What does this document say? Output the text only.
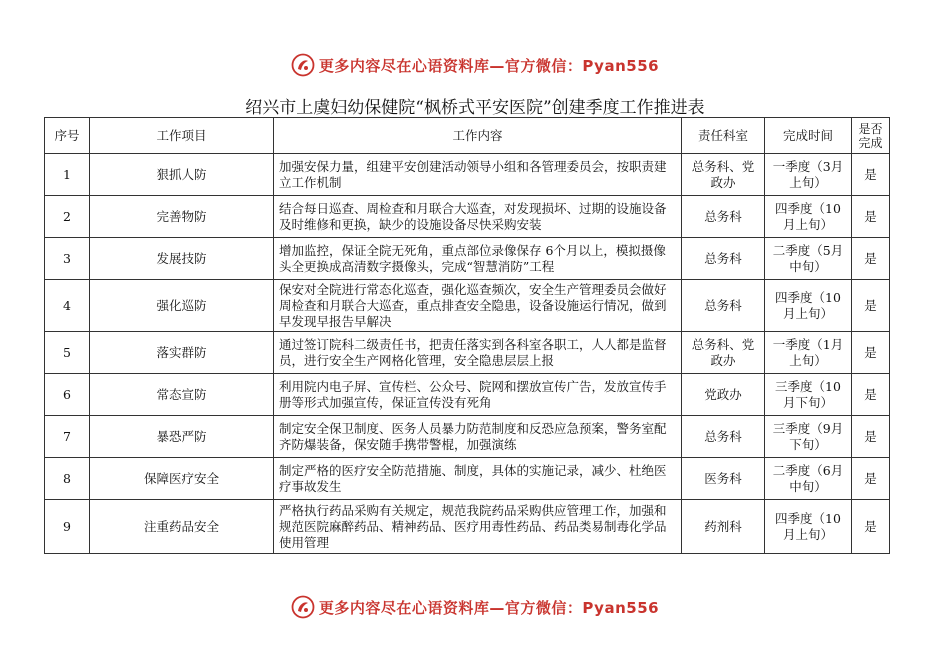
更多内容尽在心语资料库—官方微信：Pyan556
绍兴市上虞妇幼保健院“枫桥式平安医院”创建季度工作推进表
序号	工作项目	工作内容	责任科室	完成时间	是否完成
1	狠抓人防	加强安保力量，组建平安创建活动领导小组和各管理委员会，按职责建立工作机制	总务科、党政办	一季度（3月上旬）	是
2	完善物防	结合每日巡查、周检查和月联合大巡查，对发现损坏、过期的设施设备及时维修和更换，缺少的设施设备尽快采购安装	总务科	四季度（10月上旬）	是
3	发展技防	增加监控，保证全院无死角，重点部位录像保存 6个月以上，模拟摄像头全更换成高清数字摄像头，完成“智慧消防”工程	总务科	二季度（5月中旬）	是
4	强化巡防	保安对全院进行常态化巡查，强化巡查频次，安全生产管理委员会做好周检查和月联合大巡查，重点排查安全隐患，设备设施运行情况，做到早发现早报告早解决	总务科	四季度（10月上旬）	是
5	落实群防	通过签订院科二级责任书，把责任落实到各科室各职工，人人都是监督员，进行安全生产网格化管理，安全隐患层层上报	总务科、党政办	一季度（1月上旬）	是
6	常态宣防	利用院内电子屏、宣传栏、公众号、院网和摆放宣传广告，发放宣传手册等形式加强宣传，保证宣传没有死角	党政办	三季度（10月下旬）	是
7	暴恐严防	制定安全保卫制度、医务人员暴力防范制度和反恐应急预案，警务室配齐防爆装备，保安随手携带警棍，加强演练	总务科	三季度（9月下旬）	是
8	保障医疗安全	制定严格的医疗安全防范措施、制度，具体的实施记录，减少、杜绝医疗事故发生	医务科	二季度（6月中旬）	是
9	注重药品安全	严格执行药品采购有关规定，规范我院药品采购供应管理工作，加强和规范医院麻醉药品、精神药品、医疗用毒性药品、药品类易制毒化学品使用管理	药剂科	四季度（10月上旬）	是
更多内容尽在心语资料库—官方微信：Pyan556
